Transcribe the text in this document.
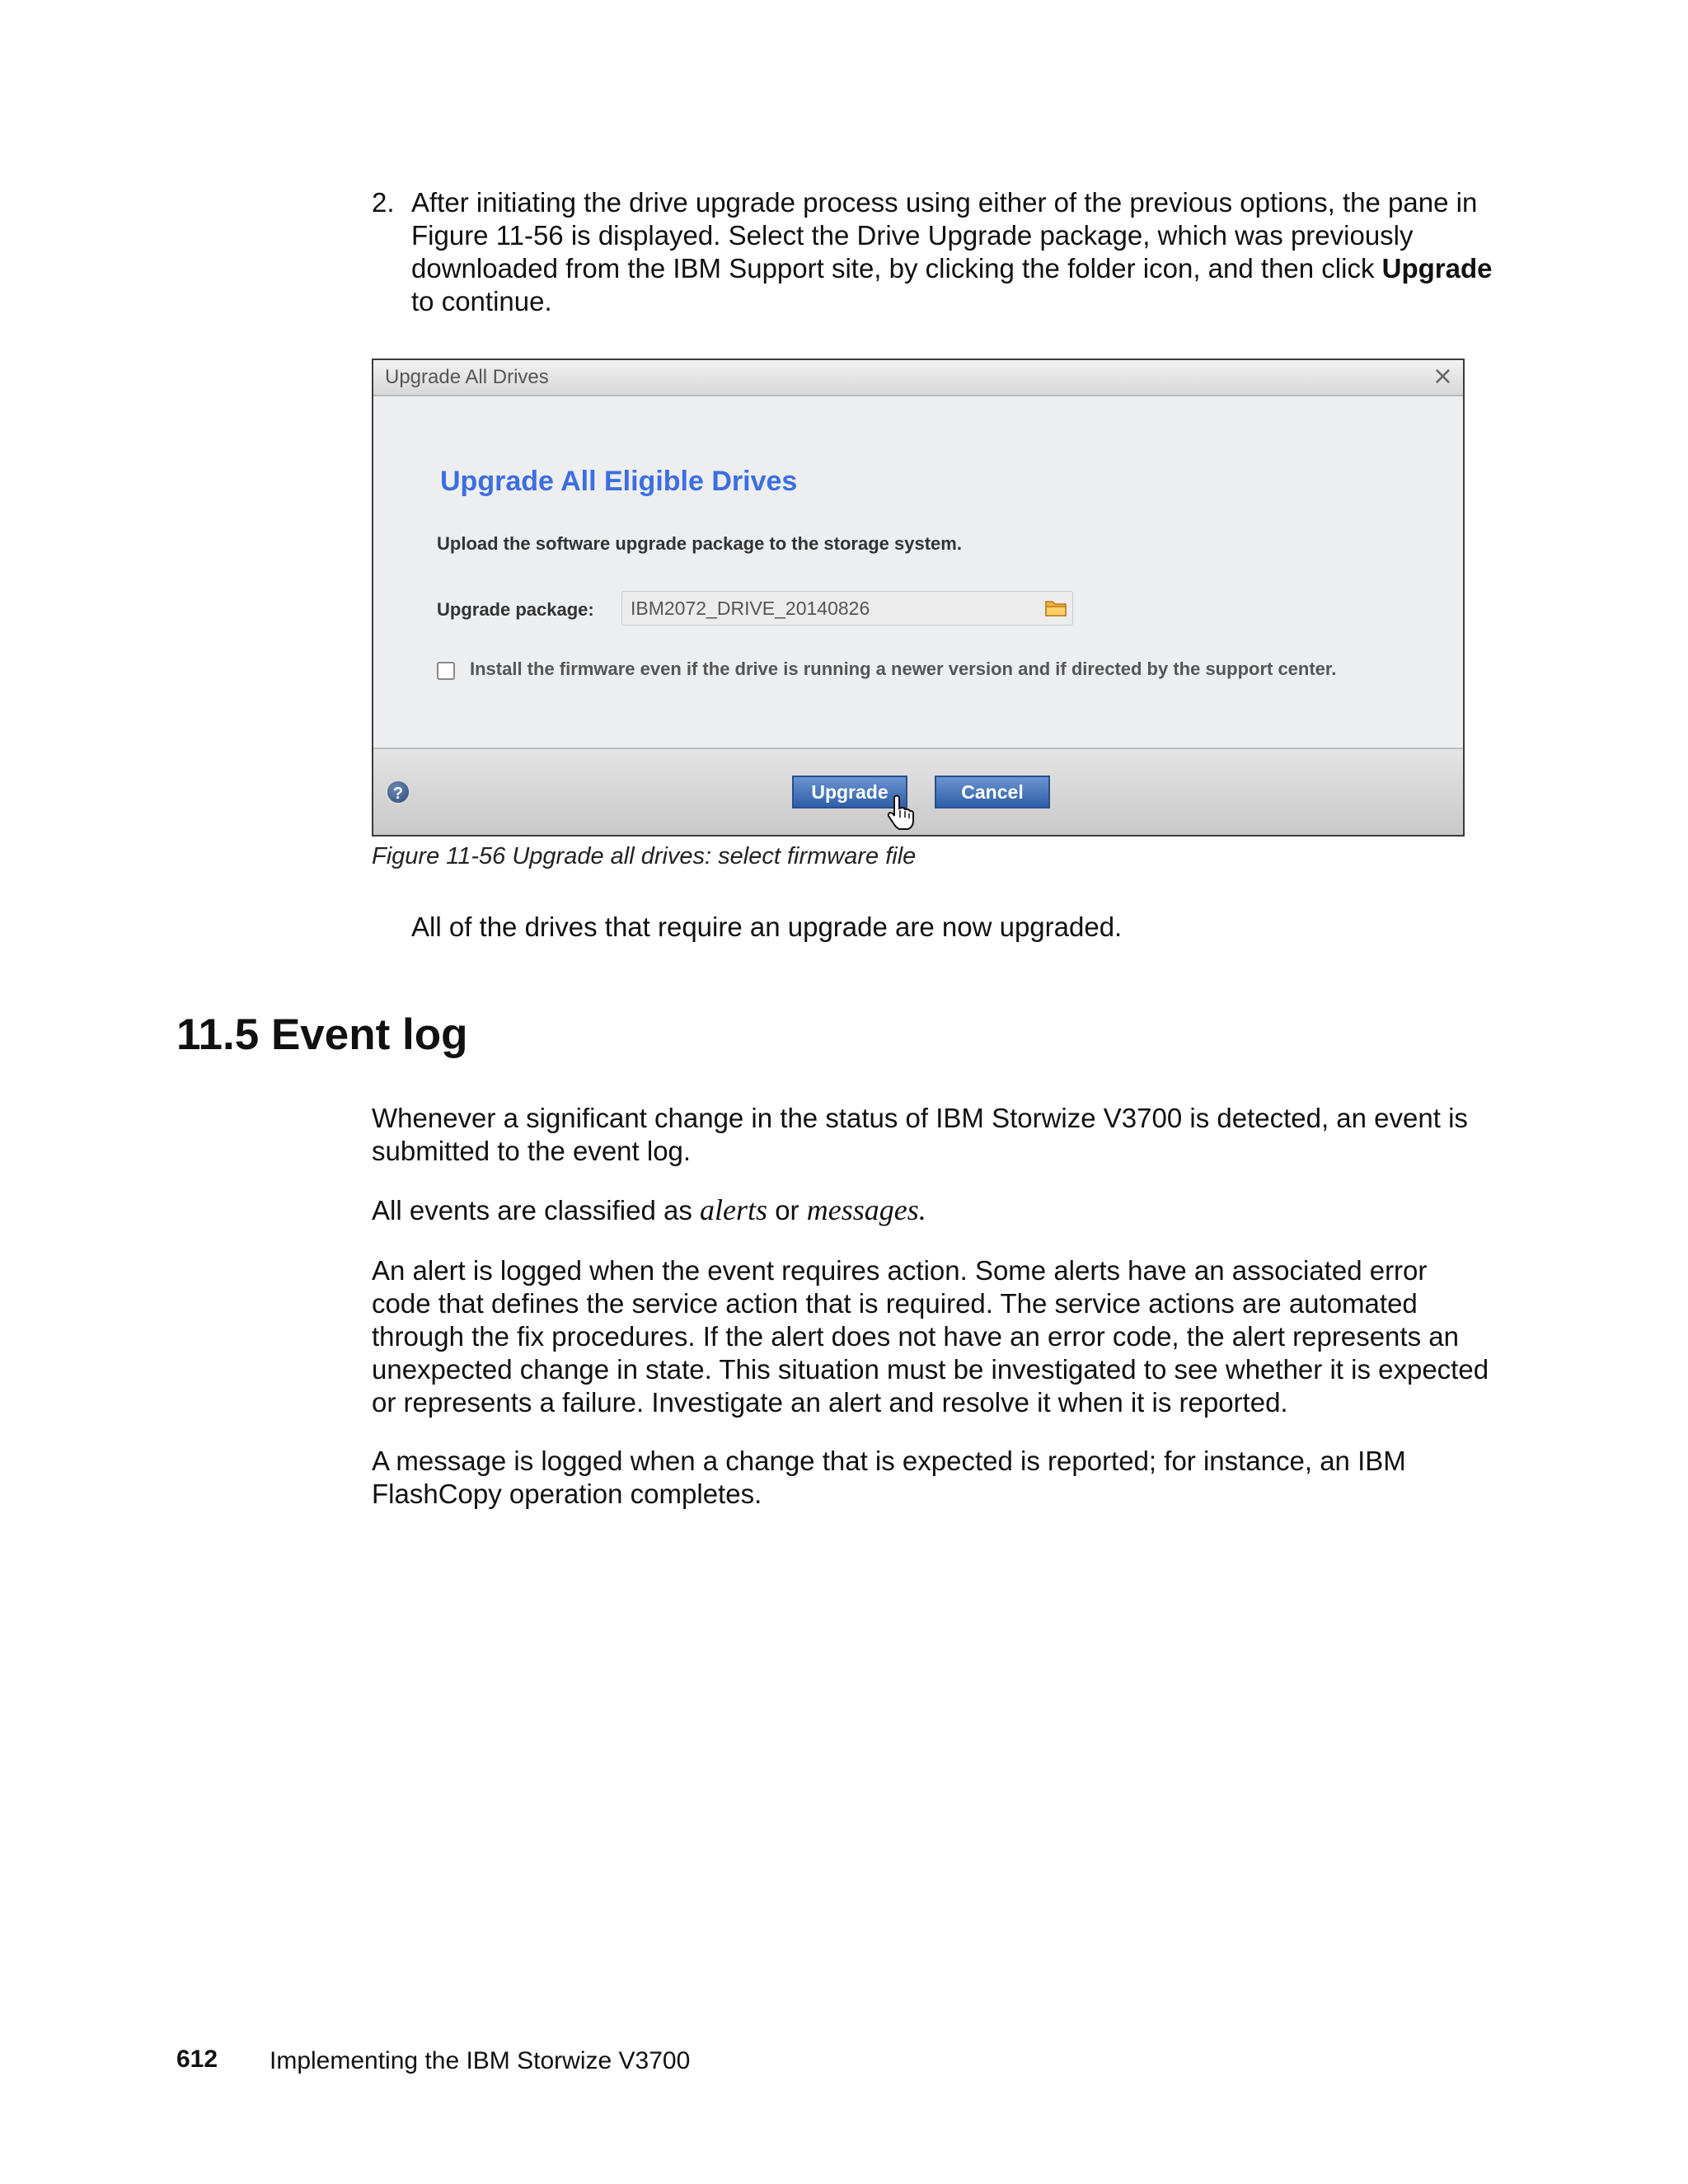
2. After initiating the drive upgrade process using either of the previous options, the pane in Figure 11-56 is displayed. Select the Drive Upgrade package, which was previously downloaded from the IBM Support site, by clicking the folder icon, and then click Upgrade to continue.
Upgrade All Drives	×
Upgrade All Eligible Drives
Upload the software upgrade package to the storage system.
Upgrade package: IBM2072_DRIVE_20140826
Install the firmware even if the drive is running a newer version and if directed by the support center.
?	Upgrade	Cancel
Figure 11-56 Upgrade all drives: select firmware file
All of the drives that require an upgrade are now upgraded.
11.5 Event log
Whenever a significant change in the status of IBM Storwize V3700 is detected, an event is submitted to the event log.
All events are classified as alerts or messages.
An alert is logged when the event requires action. Some alerts have an associated error code that defines the service action that is required. The service actions are automated through the fix procedures. If the alert does not have an error code, the alert represents an unexpected change in state. This situation must be investigated to see whether it is expected or represents a failure. Investigate an alert and resolve it when it is reported.
A message is logged when a change that is expected is reported; for instance, an IBM FlashCopy operation completes.
612 Implementing the IBM Storwize V3700
